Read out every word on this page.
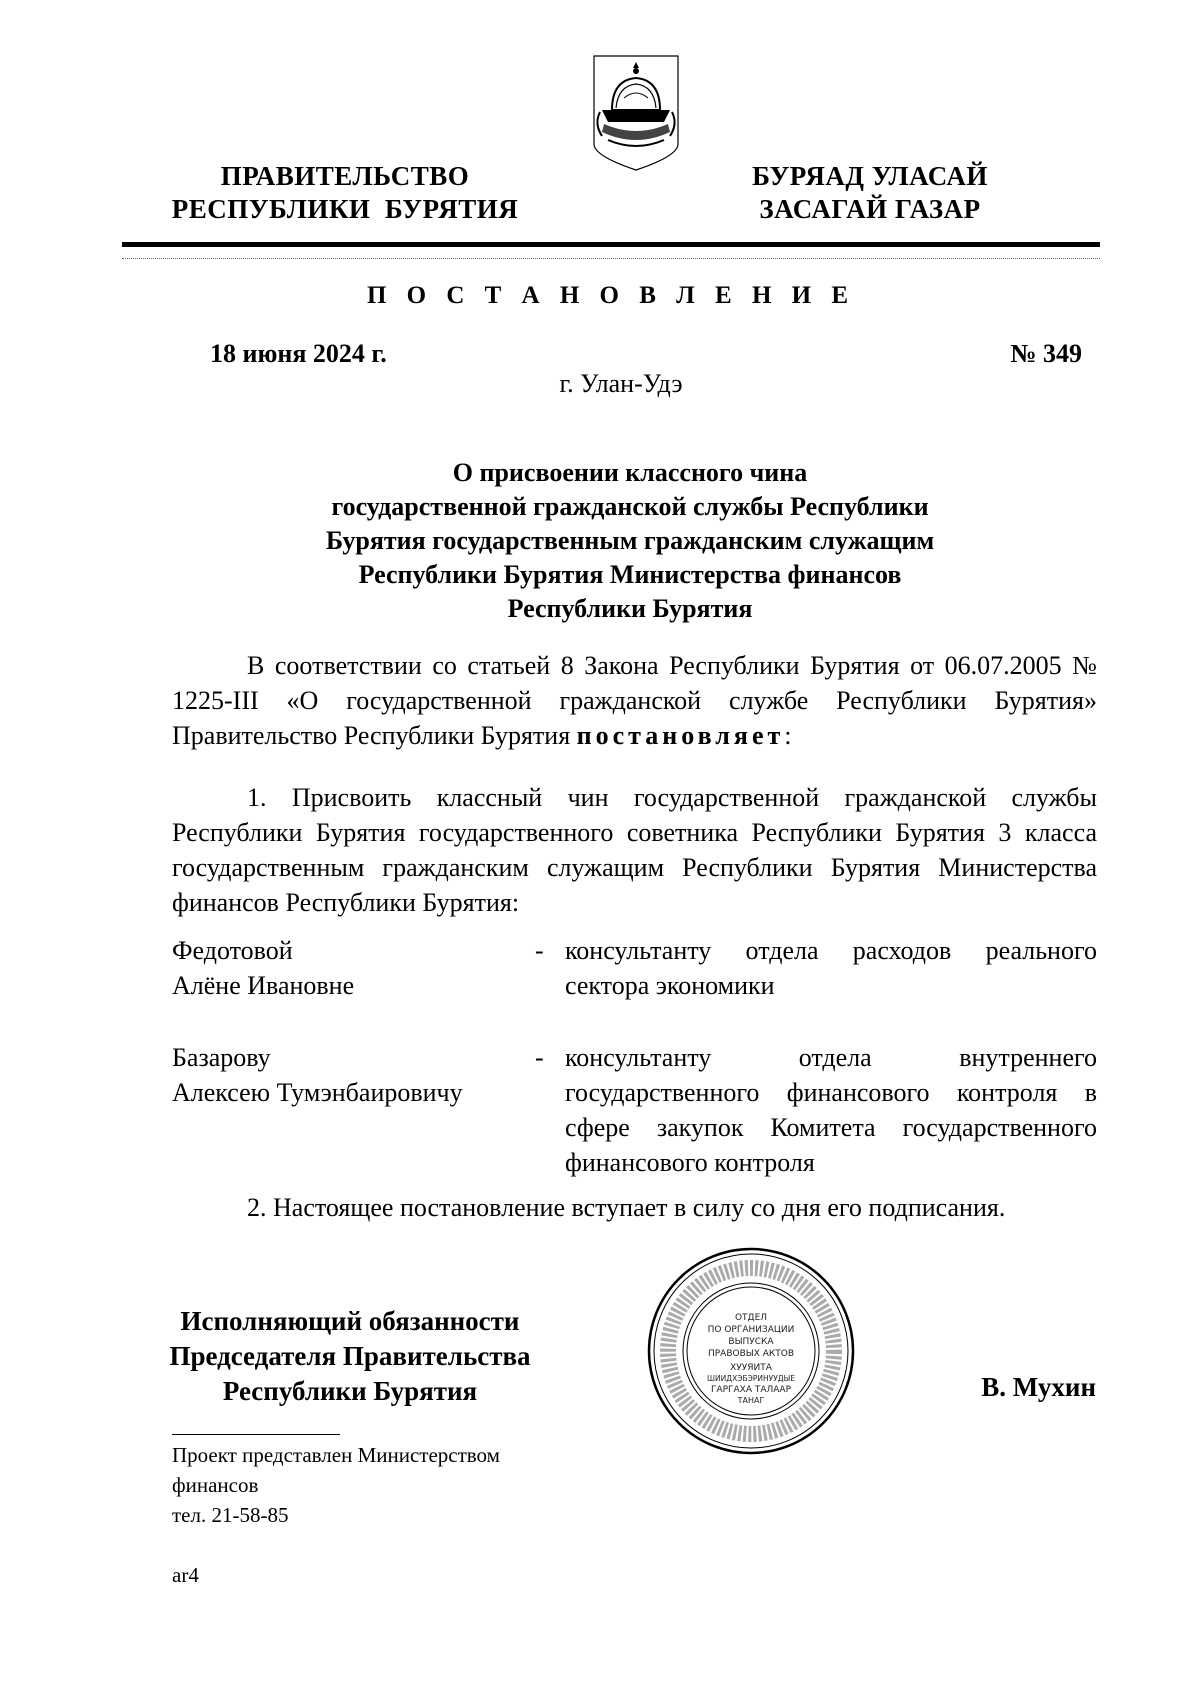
ПРАВИТЕЛЬСТВО
РЕСПУБЛИКИ  БУРЯТИЯ
БУРЯАД УЛАСАЙ
ЗАСАГАЙ ГАЗАР
П О С Т А Н О В Л Е Н И Е
18 июня 2024 г.	№ 349
г. Улан-Удэ
О присвоении классного чина
государственной гражданской службы Республики
Бурятия государственным гражданским служащим
Республики Бурятия Министерства финансов
Республики Бурятия
В соответствии со статьей 8 Закона Республики Бурятия от 06.07.2005 № 1225-III «О государственной гражданской службе Республики Бурятия» Правительство Республики Бурятия постановляет:
1. Присвоить классный чин государственной гражданской службы Республики Бурятия государственного советника Республики Бурятия 3 класса государственным гражданским служащим Республики Бурятия Министерства финансов Республики Бурятия:
Федотовой
Алёне Ивановне
- консультанту отдела расходов реального сектора экономики
Базарову
Алексею Тумэнбаировичу
- консультанту отдела внутреннего государственного финансового контроля в сфере закупок Комитета государственного финансового контроля
2. Настоящее постановление вступает в силу со дня его подписания.
Исполняющий обязанности
Председателя Правительства
Республики Бурятия
ОТДЕЛ
ПО ОРГАНИЗАЦИИ
ВЫПУСКА
ПРАВОВЫХ АКТОВ
ХУУЯИТА
ШИИДХЭБЭРИНУУДЫЕ
ГАРГАХА ТАЛААР
ТАНАГ	В. Мухин
Проект представлен Министерством
финансов
тел. 21-58-85
ar4
